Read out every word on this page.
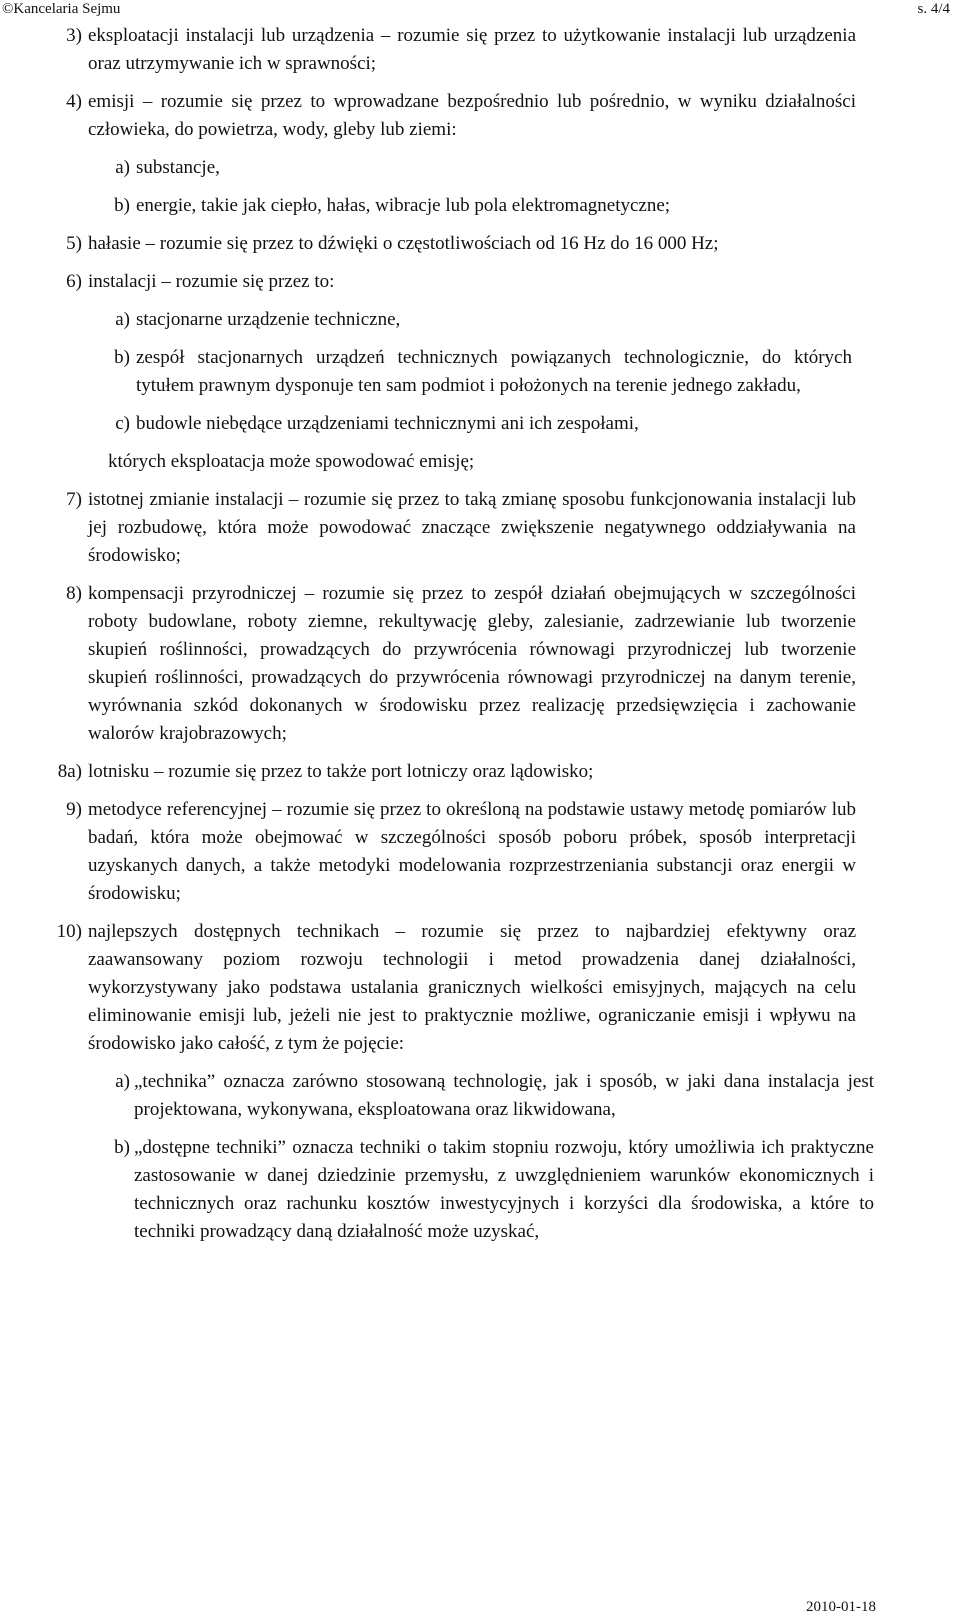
©Kancelaria Sejmu	s. 4/4
3) eksploatacji instalacji lub urządzenia – rozumie się przez to użytkowanie instalacji lub urządzenia oraz utrzymywanie ich w sprawności;
4) emisji – rozumie się przez to wprowadzane bezpośrednio lub pośrednio, w wyniku działalności człowieka, do powietrza, wody, gleby lub ziemi:
a) substancje,
b) energie, takie jak ciepło, hałas, wibracje lub pola elektromagnetyczne;
5) hałasie – rozumie się przez to dźwięki o częstotliwościach od 16 Hz do 16 000 Hz;
6) instalacji – rozumie się przez to:
a) stacjonarne urządzenie techniczne,
b) zespół stacjonarnych urządzeń technicznych powiązanych technologicznie, do których tytułem prawnym dysponuje ten sam podmiot i położonych na terenie jednego zakładu,
c) budowle niebędące urządzeniami technicznymi ani ich zespołami,
których eksploatacja może spowodować emisję;
7) istotnej zmianie instalacji – rozumie się przez to taką zmianę sposobu funkcjonowania instalacji lub jej rozbudowę, która może powodować znaczące zwiększenie negatywnego oddziaływania na środowisko;
8) kompensacji przyrodniczej – rozumie się przez to zespół działań obejmujących w szczególności roboty budowlane, roboty ziemne, rekultywację gleby, zalesianie, zadrzewianie lub tworzenie skupień roślinności, prowadzących do przywrócenia równowagi przyrodniczej lub tworzenie skupień roślinności, prowadzących do przywrócenia równowagi przyrodniczej na danym terenie, wyrównania szkód dokonanych w środowisku przez realizację przedsięwzięcia i zachowanie walorów krajobrazowych;
8a) lotnisku – rozumie się przez to także port lotniczy oraz lądowisko;
9) metodyce referencyjnej – rozumie się przez to określoną na podstawie ustawy metodę pomiarów lub badań, która może obejmować w szczególności sposób poboru próbek, sposób interpretacji uzyskanych danych, a także metodyki modelowania rozprzestrzeniania substancji oraz energii w środowisku;
10) najlepszych dostępnych technikach – rozumie się przez to najbardziej efektywny oraz zaawansowany poziom rozwoju technologii i metod prowadzenia danej działalności, wykorzystywany jako podstawa ustalania granicznych wielkości emisyjnych, mających na celu eliminowanie emisji lub, jeżeli nie jest to praktycznie możliwe, ograniczanie emisji i wpływu na środowisko jako całość, z tym że pojęcie:
a) „technika” oznacza zarówno stosowaną technologię, jak i sposób, w jaki dana instalacja jest projektowana, wykonywana, eksploatowana oraz likwidowana,
b) „dostępne techniki” oznacza techniki o takim stopniu rozwoju, który umożliwia ich praktyczne zastosowanie w danej dziedzinie przemysłu, z uwzględnieniem warunków ekonomicznych i technicznych oraz rachunku kosztów inwestycyjnych i korzyści dla środowiska, a które to techniki prowadzący daną działalność może uzyskać,
2010-01-18
